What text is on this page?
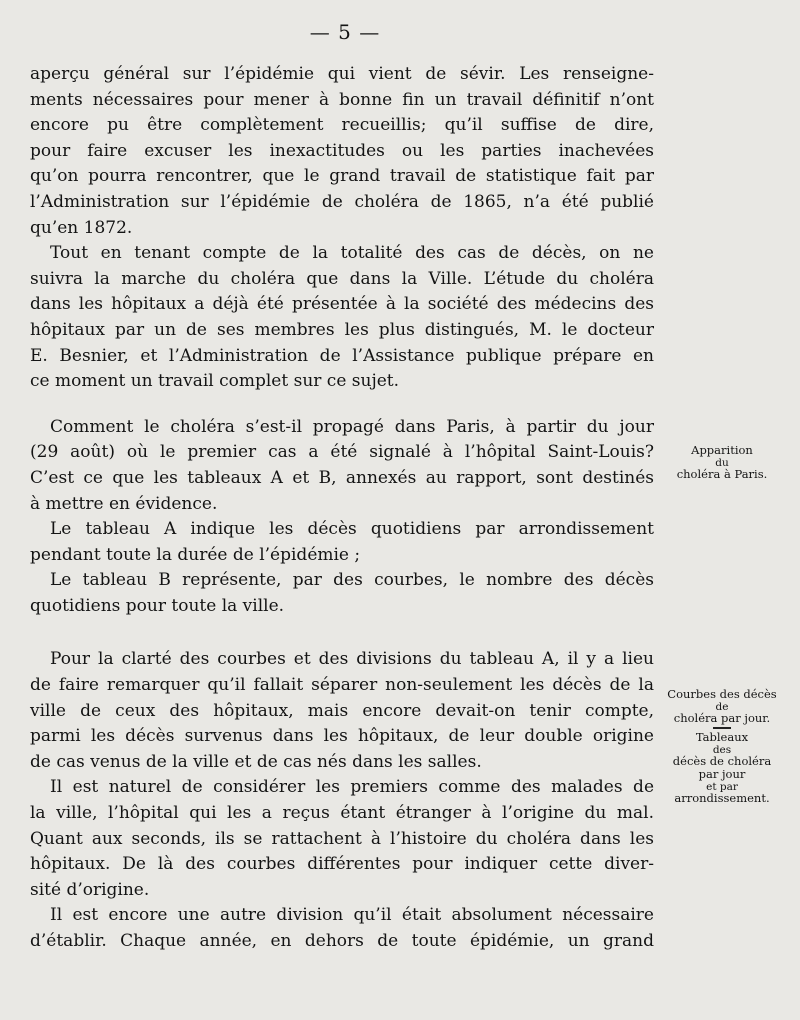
— 5 —
aperçu général sur l’épidémie qui vient de sévir. Les renseigne-
ments nécessaires pour mener à bonne fin un travail définitif n’ont
encore pu être complètement recueillis; qu’il suffise de dire,
pour faire excuser les inexactitudes ou les parties inachevées
qu’on pourra rencontrer, que le grand travail de statistique fait par
l’Administration sur l’épidémie de choléra de 1865, n’a été publié
qu’en 1872.
Tout en tenant compte de la totalité des cas de décès, on ne
suivra la marche du choléra que dans la Ville. L’étude du choléra
dans les hôpitaux a déjà été présentée à la société des médecins des
hôpitaux par un de ses membres les plus distingués, M. le docteur
E. Besnier, et l’Administration de l’Assistance publique prépare en
ce moment un travail complet sur ce sujet.
Comment le choléra s’est-il propagé dans Paris, à partir du jour
(29 août) où le premier cas a été signalé à l’hôpital Saint-Louis?
C’est ce que les tableaux A et B, annexés au rapport, sont destinés
à mettre en évidence.
Le tableau A indique les décès quotidiens par arrondissement
pendant toute la durée de l’épidémie ;
Le tableau B représente, par des courbes, le nombre des décès
quotidiens pour toute la ville.
Pour la clarté des courbes et des divisions du tableau A, il y a lieu
de faire remarquer qu’il fallait séparer non-seulement les décès de la
ville de ceux des hôpitaux, mais encore devait-on tenir compte,
parmi les décès survenus dans les hôpitaux, de leur double origine
de cas venus de la ville et de cas nés dans les salles.
Il est naturel de considérer les premiers comme des malades de
la ville, l’hôpital qui les a reçus étant étranger à l’origine du mal.
Quant aux seconds, ils se rattachent à l’histoire du choléra dans les
hôpitaux. De là des courbes différentes pour indiquer cette diver-
sité d’origine.
Il est encore une autre division qu’il était absolument nécessaire
d’établir. Chaque année, en dehors de toute épidémie, un grand
Apparition
du
choléra à Paris.
Courbes des décès
de
choléra par jour.
Tableaux
des
décès de choléra
par jour
et par
arrondissement.
